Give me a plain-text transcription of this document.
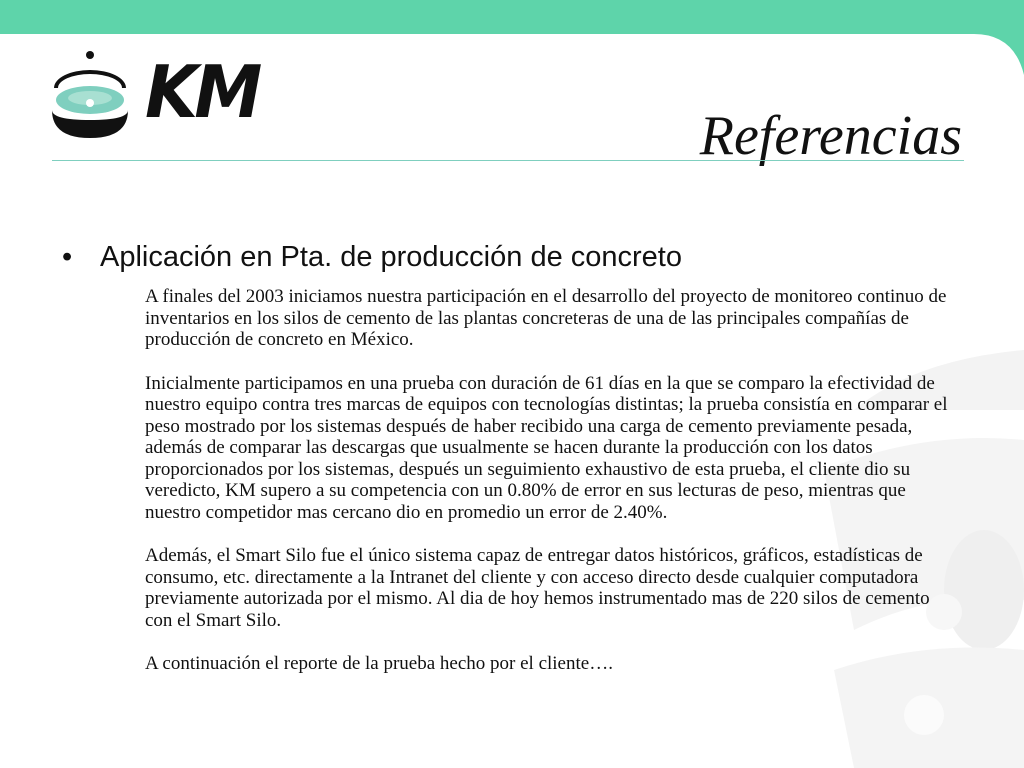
KM
Referencias
• Aplicación en Pta. de producción de concreto

A finales del 2003 iniciamos nuestra participación en el desarrollo del proyecto de monitoreo continuo de inventarios en los silos de cemento de las plantas concreteras de una de las principales compañías de producción de concreto en México.

Inicialmente participamos en una prueba con duración de 61 días en la que se comparo la efectividad de nuestro equipo contra tres marcas de equipos con tecnologías distintas; la prueba consistía en comparar el peso mostrado por los sistemas después de haber recibido una carga de cemento previamente pesada, además de comparar las descargas que usualmente se hacen durante la producción con los datos proporcionados por los sistemas, después un seguimiento exhaustivo de esta prueba, el cliente dio su veredicto, KM supero a su competencia con un 0.80% de error en sus lecturas de peso, mientras que nuestro competidor mas cercano dio en promedio un error de 2.40%.

Además, el Smart Silo fue el único sistema capaz de entregar datos históricos, gráficos, estadísticas de consumo, etc. directamente a la Intranet del cliente y con acceso directo desde cualquier computadora previamente autorizada por el mismo. Al dia de hoy hemos instrumentado mas de 220 silos de cemento con el Smart Silo.

A continuación el reporte de la prueba hecho por el cliente….
